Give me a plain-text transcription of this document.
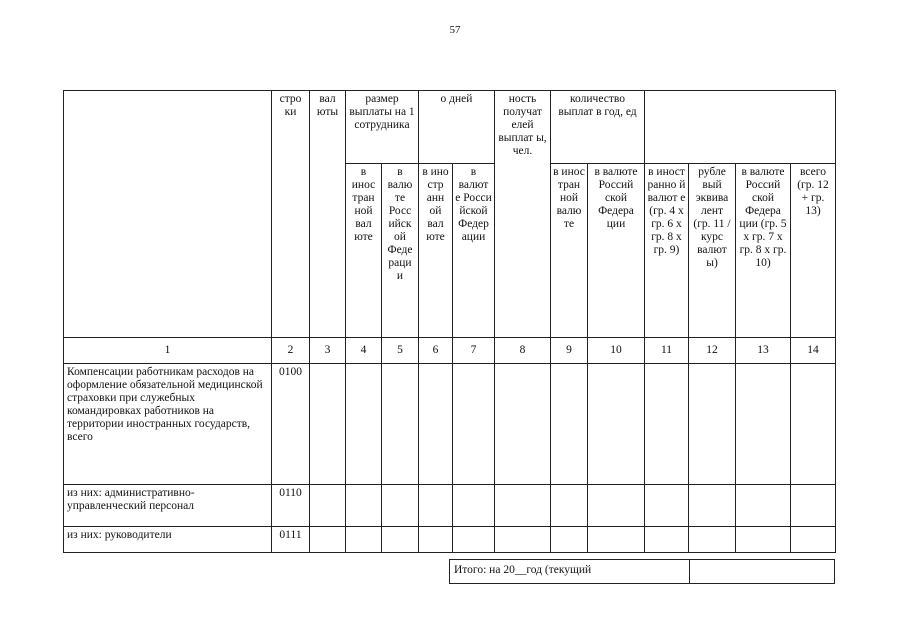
57
	стро ки	вал юты	размер выплаты на 1 сотрудника		о дней		ность получат елей выплат ы, чел.	количество выплат в год, ед					
			в инос тран ной вал юте	в валю те Росс ийск ой Феде раци и	в ино стр анн ой вал юте	в валют е Росси йской Федер ации		в инос тран ной валю те	в валюте Россий ской Федера ции	в иност ранно й валют е (гр. 4 х гр. 6 х гр. 8 х гр. 9)	рубле вый эквива лент (гр. 11 / курс валют ы)	в валюте Россий ской Федера ции (гр. 5 х гр. 7 х гр. 8 х гр. 10)	всего (гр. 12 + гр. 13)
1	2	3	4	5	6	7	8	9	10	11	12	13	14
Компенсации работникам расходов на оформление обязательной медицинской страховки при служебных командировках работников на территории иностранных государств, всего	0100												
из них: административно-управленческий персонал	0110												
из них: руководители	0111												
Итого: на 20__год (текущий
